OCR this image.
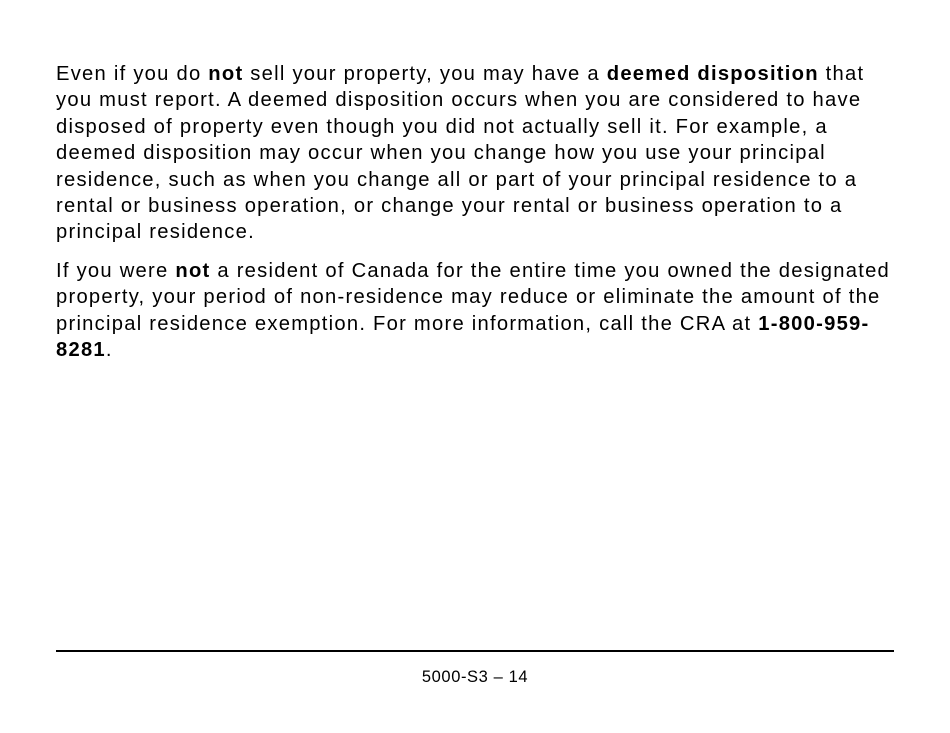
Even if you do not sell your property, you may have a deemed disposition that you must report. A deemed disposition occurs when you are considered to have disposed of property even though you did not actually sell it. For example, a deemed disposition may occur when you change how you use your principal residence, such as when you change all or part of your principal residence to a rental or business operation, or change your rental or business operation to a principal residence.

If you were not a resident of Canada for the entire time you owned the designated property, your period of non-residence may reduce or eliminate the amount of the principal residence exemption. For more information, call the CRA at 1-800-959-8281.

5000-S3 – 14
